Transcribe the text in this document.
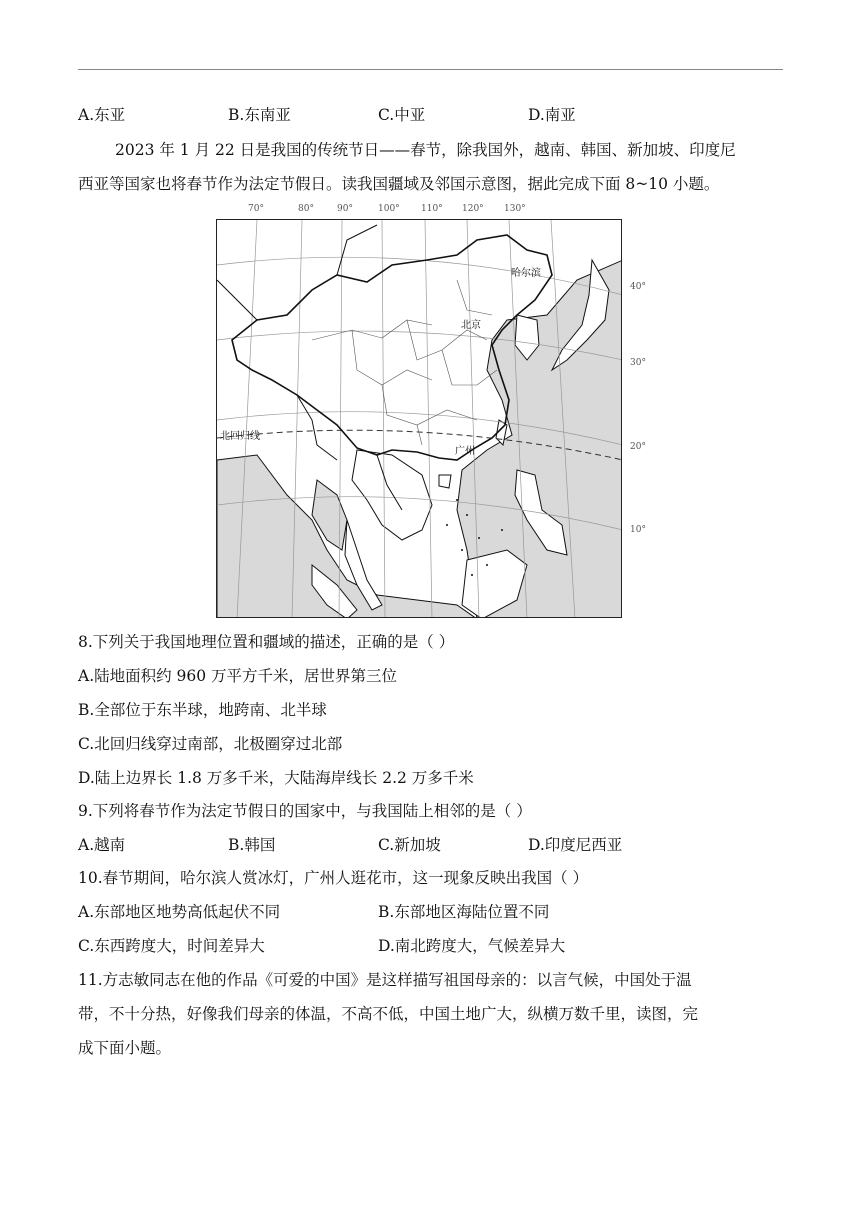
A.东亚	B.东南亚	C.中亚	D.南亚
2023 年 1 月 22 日是我国的传统节日——春节，除我国外，越南、韩国、新加坡、印度尼
西亚等国家也将春节作为法定节假日。读我国疆域及邻国示意图，据此完成下面 8~10 小题。
70°	80°	90°	100° 110° 120° 130°
40°
30°
20°
10°
哈尔滨
北京
广州
北回归线
8.下列关于我国地理位置和疆域的描述，正确的是（ ）
A.陆地面积约 960 万平方千米，居世界第三位
B.全部位于东半球，地跨南、北半球
C.北回归线穿过南部，北极圈穿过北部
D.陆上边界长 1.8 万多千米，大陆海岸线长 2.2 万多千米
9.下列将春节作为法定节假日的国家中，与我国陆上相邻的是（ ）
A.越南	B.韩国	C.新加坡	D.印度尼西亚
10.春节期间，哈尔滨人赏冰灯，广州人逛花市，这一现象反映出我国（ ）
A.东部地区地势高低起伏不同	B.东部地区海陆位置不同
C.东西跨度大，时间差异大	D.南北跨度大，气候差异大
11.方志敏同志在他的作品《可爱的中国》是这样描写祖国母亲的：以言气候，中国处于温
带，不十分热，好像我们母亲的体温，不高不低，中国土地广大，纵横万数千里，读图，完
成下面小题。
